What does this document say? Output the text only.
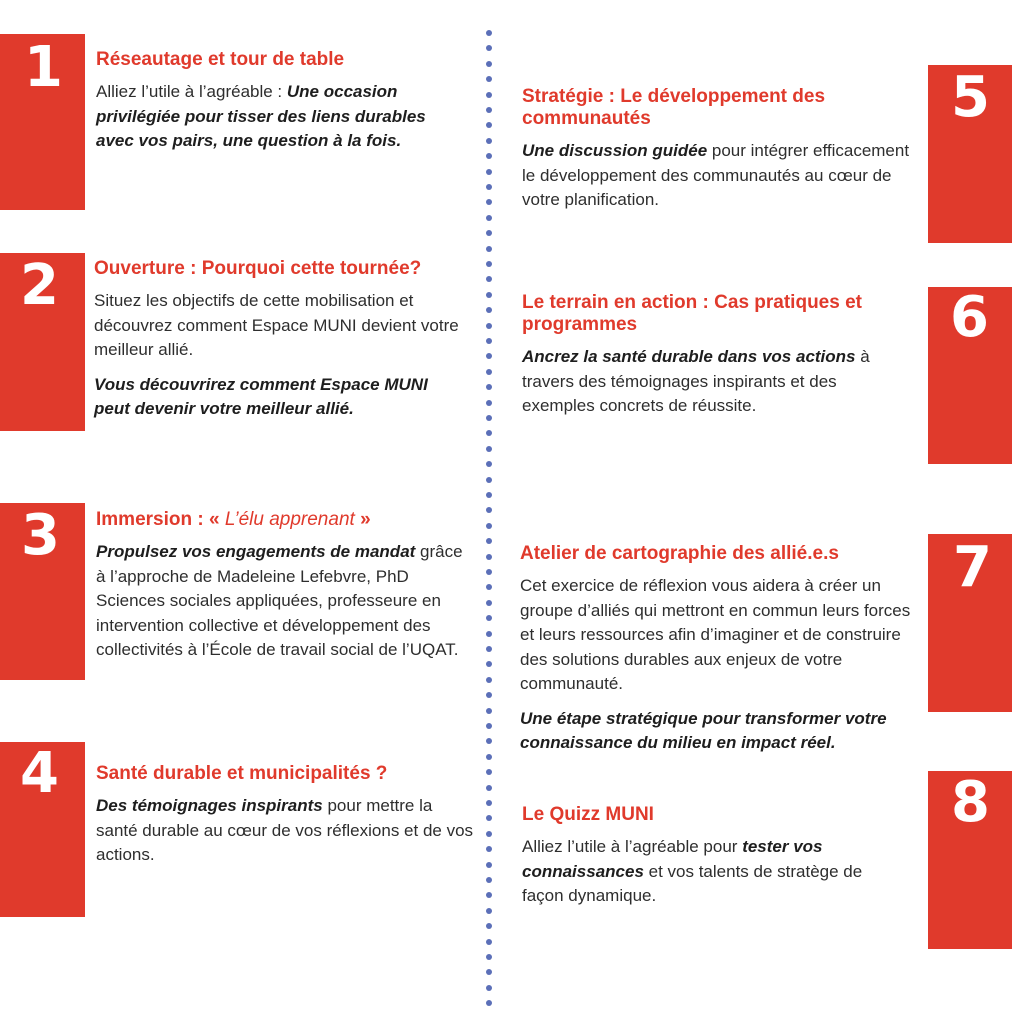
1
2
3
4
5
6
7
8
Réseautage et tour de table

Alliez l’utile à l’agréable : Une occasion privilégiée pour tisser des liens durables avec vos pairs, une question à la fois.

Ouverture : Pourquoi cette tournée?

Situez les objectifs de cette mobilisation et découvrez comment Espace MUNI devient votre meilleur allié.

Vous découvrirez comment Espace MUNI peut devenir votre meilleur allié.

Immersion : « L’élu apprenant »

Propulsez vos engagements de mandat grâce à l’approche de Madeleine Lefebvre, PhD Sciences sociales appliquées, professeure en intervention collective et développement des collectivités à l’École de travail social de l’UQAT.

Santé durable et municipalités ?

Des témoignages inspirants pour mettre la santé durable au cœur de vos réflexions et de vos actions.

Stratégie : Le développement des communautés

Une discussion guidée pour intégrer efficacement le développement des communautés au cœur de votre planification.

Le terrain en action : Cas pratiques et programmes

Ancrez la santé durable dans vos actions à travers des témoignages inspirants et des exemples concrets de réussite.

Atelier de cartographie des allié.e.s

Cet exercice de réflexion vous aidera à créer un groupe d’alliés qui mettront en commun leurs forces et leurs ressources afin d’imaginer et de construire des solutions durables aux enjeux de votre communauté.

Une étape stratégique pour transformer votre connaissance du milieu en impact réel.

Le Quizz MUNI

Alliez l’utile à l’agréable pour tester vos connaissances et vos talents de stratège de façon dynamique.
